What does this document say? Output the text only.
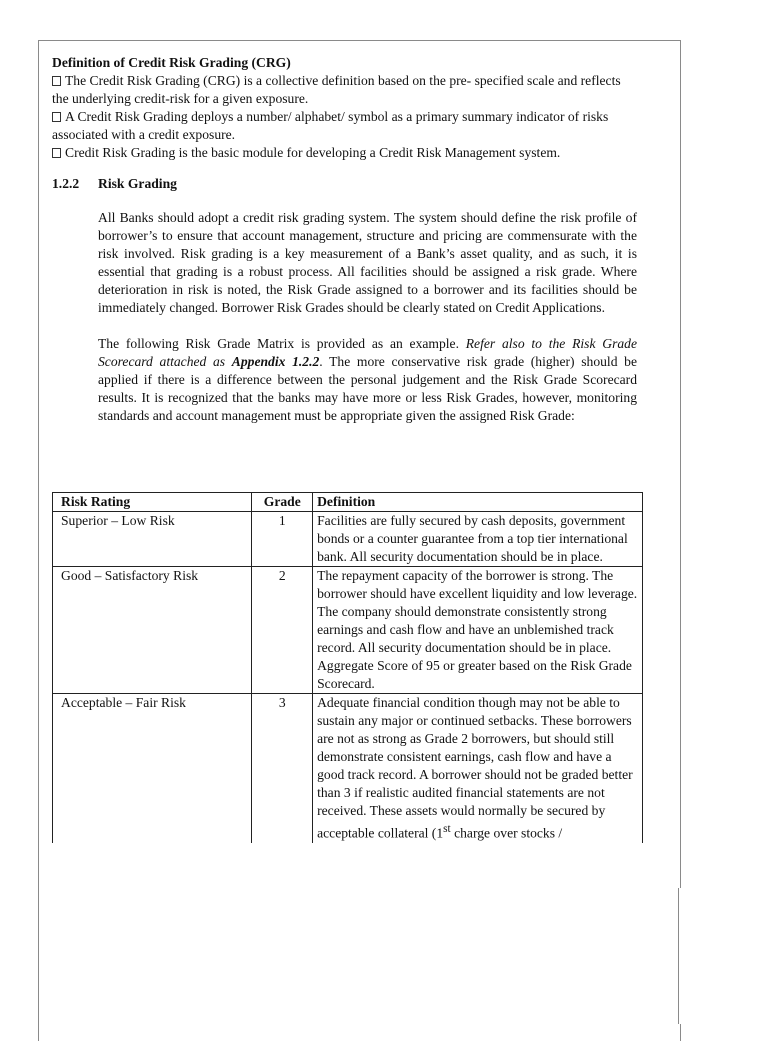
Definition of Credit Risk Grading (CRG)

The Credit Risk Grading (CRG) is a collective definition based on the pre- specified scale and reflects the underlying credit-risk for a given exposure.

A Credit Risk Grading deploys a number/ alphabet/ symbol as a primary summary indicator of risks associated with a credit exposure.

Credit Risk Grading is the basic module for developing a Credit Risk Management system.

1.2.2 Risk Grading

All Banks should adopt a credit risk grading system. The system should define the risk profile of borrower’s to ensure that account management, structure and pricing are commensurate with the risk involved. Risk grading is a key measurement of a Bank’s asset quality, and as such, it is essential that grading is a robust process. All facilities should be assigned a risk grade. Where deterioration in risk is noted, the Risk Grade assigned to a borrower and its facilities should be immediately changed. Borrower Risk Grades should be clearly stated on Credit Applications.

The following Risk Grade Matrix is provided as an example. Refer also to the Risk Grade Scorecard attached as Appendix 1.2.2. The more conservative risk grade (higher) should be applied if there is a difference between the personal judgement and the Risk Grade Scorecard results. It is recognized that the banks may have more or less Risk Grades, however, monitoring standards and account management must be appropriate given the assigned Risk Grade:

Risk Rating	Grade	Definition
Superior – Low Risk	1	Facilities are fully secured by cash deposits, government bonds or a counter guarantee from a top tier international bank. All security documentation should be in place.
Good – Satisfactory Risk	2	The repayment capacity of the borrower is strong. The borrower should have excellent liquidity and low leverage. The company should demonstrate consistently strong earnings and cash flow and have an unblemished track record. All security documentation should be in place. Aggregate Score of 95 or greater based on the Risk Grade Scorecard.
Acceptable – Fair Risk	3	Adequate financial condition though may not be able to sustain any major or continued setbacks. These borrowers are not as strong as Grade 2 borrowers, but should still demonstrate consistent earnings, cash flow and have a good track record. A borrower should not be graded better than 3 if realistic audited financial statements are not received. These assets would normally be secured by acceptable collateral (1st charge over stocks /
